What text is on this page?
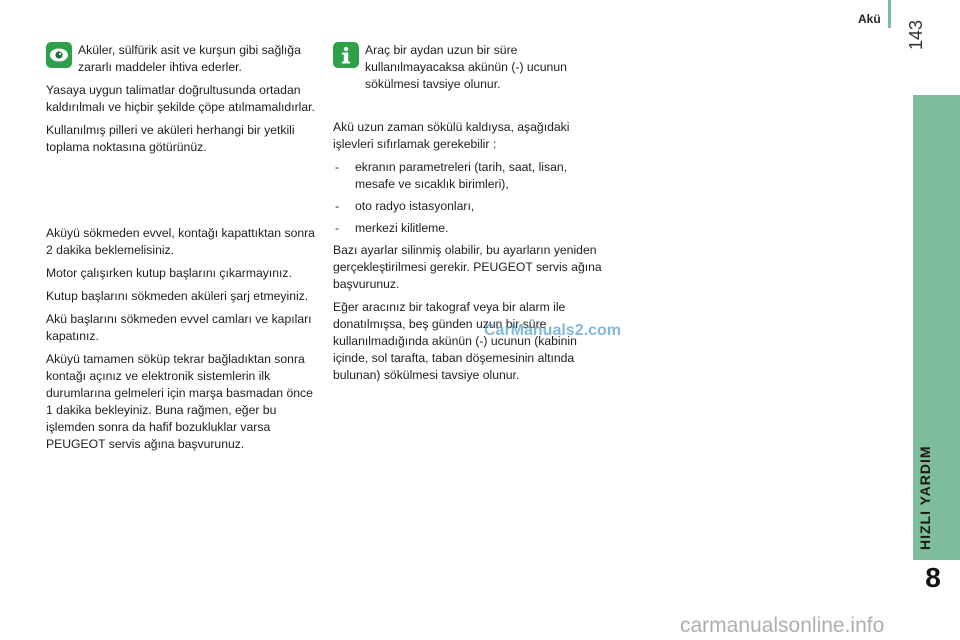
Akü
143
HIZLI YARDIM
8

Aküler, sülfürik asit ve kurşun gibi sağlığa zararlı maddeler ihtiva ederler.

Yasaya uygun talimatlar doğrultusunda ortadan kaldırılmalı ve hiçbir şekilde çöpe atılmamalıdırlar.

Kullanılmış pilleri ve aküleri herhangi bir yetkili toplama noktasına götürünüz.

Aküyü sökmeden evvel, kontağı kapattıktan sonra 2 dakika beklemelisiniz.

Motor çalışırken kutup başlarını çıkarmayınız.

Kutup başlarını sökmeden aküleri şarj etmeyiniz.

Akü başlarını sökmeden evvel camları ve kapıları kapatınız.

Aküyü tamamen söküp tekrar bağladıktan sonra kontağı açınız ve elektronik sistemlerin ilk durumlarına gelmeleri için marşa basmadan önce 1 dakika bekleyiniz. Buna rağmen, eğer bu işlemden sonra da hafif bozukluklar varsa PEUGEOT servis ağına başvurunuz.

Araç bir aydan uzun bir süre kullanılmayacaksa akünün (-) ucunun sökülmesi tavsiye olunur.

Akü uzun zaman sökülü kaldıysa, aşağıdaki işlevleri sıfırlamak gerekebilir :

- ekranın parametreleri (tarih, saat, lisan, mesafe ve sıcaklık birimleri),
- oto radyo istasyonları,
- merkezi kilitleme.

Bazı ayarlar silinmiş olabilir, bu ayarların yeniden gerçekleştirilmesi gerekir. PEUGEOT servis ağına başvurunuz.

Eğer aracınız bir takograf veya bir alarm ile donatılmışsa, beş günden uzun bir süre kullanılmadığında akünün (-) ucunun (kabinin içinde, sol tarafta, taban döşemesinin altında bulunan) sökülmesi tavsiye olunur.

CarManuals2.com
carmanualsonline.info
